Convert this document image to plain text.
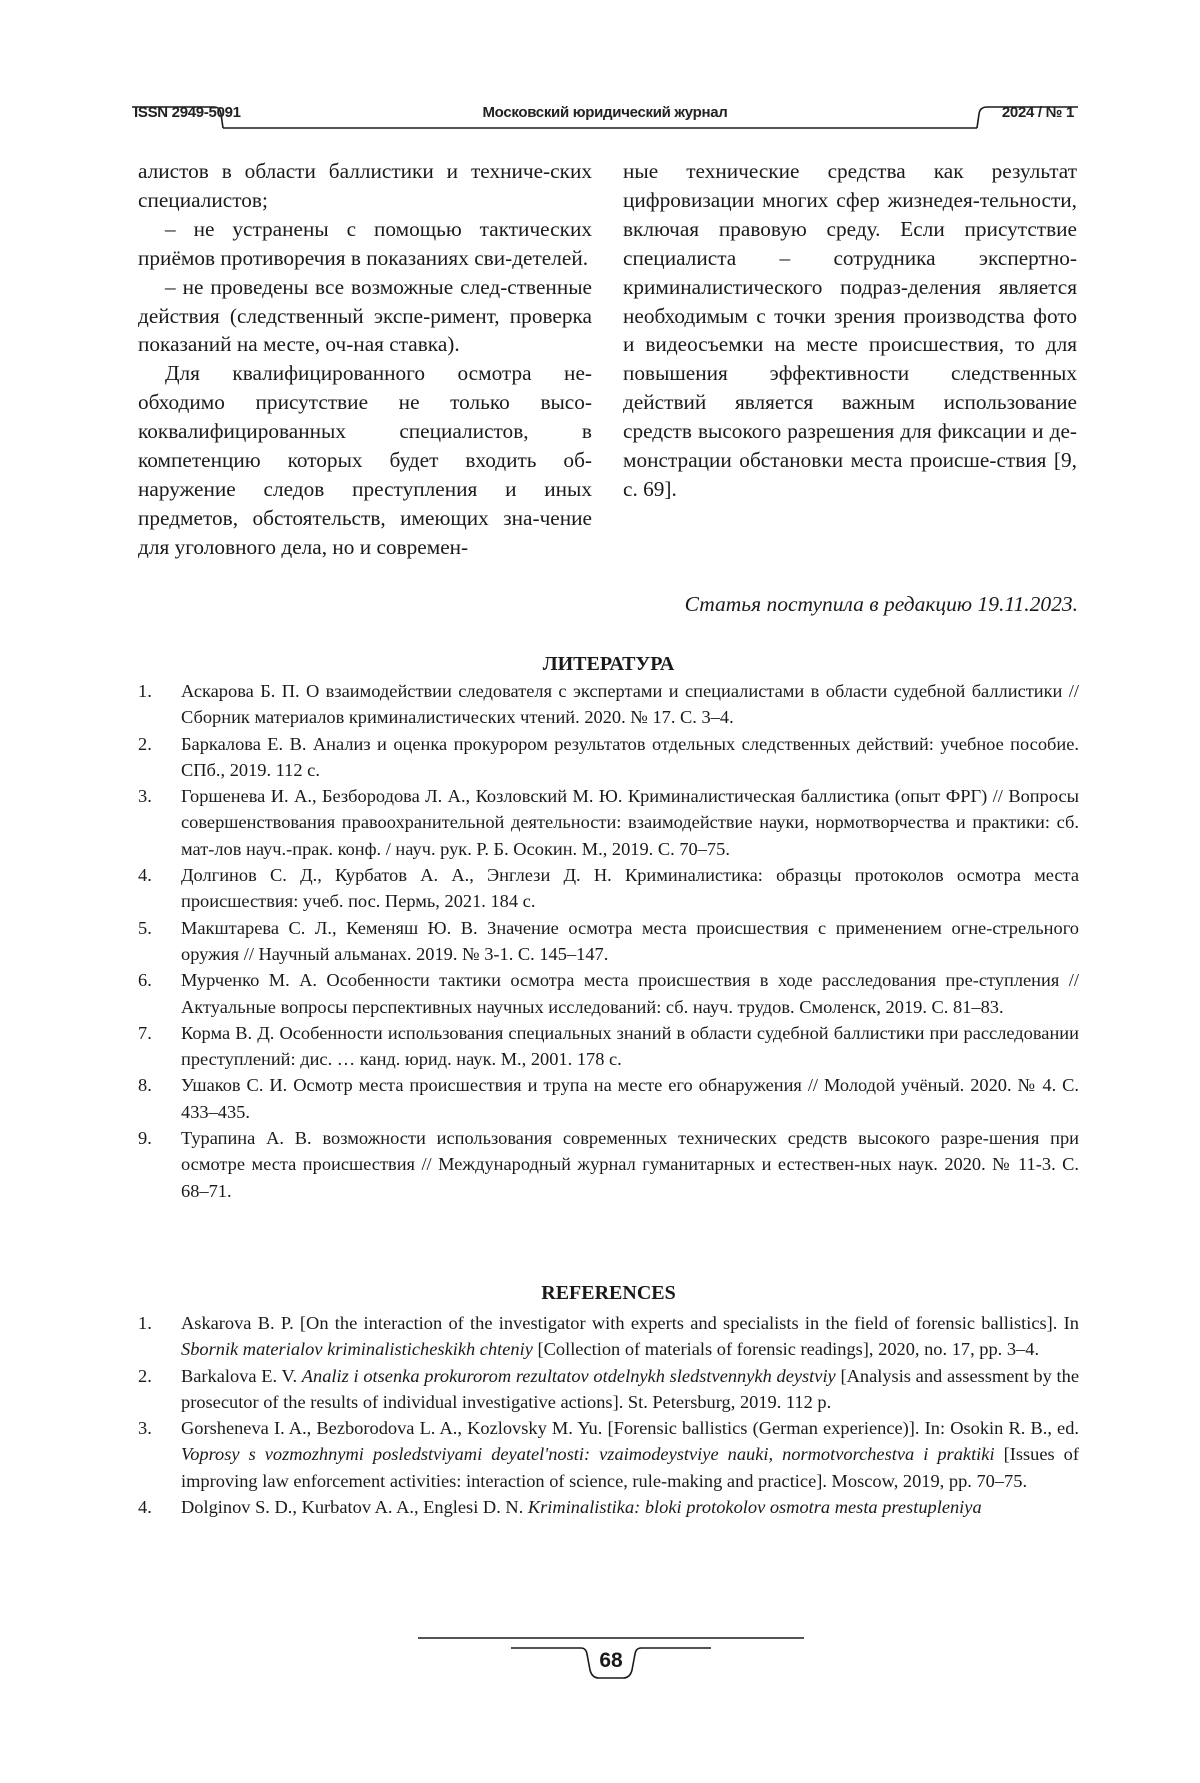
ISSN 2949-5091	Московский юридический журнал	2024 / № 1

алистов в области баллистики и техниче-ских специалистов;

– не устранены с помощью тактических приёмов противоречия в показаниях сви-детелей.

– не проведены все возможные след-ственные действия (следственный экспе-римент, проверка показаний на месте, оч-ная ставка).

Для квалифицированного осмотра не-обходимо присутствие не только высо-коквалифицированных специалистов, в компетенцию которых будет входить об-наружение следов преступления и иных предметов, обстоятельств, имеющих зна-чение для уголовного дела, но и современ-

ные технические средства как результат цифровизации многих сфер жизнедея-тельности, включая правовую среду. Если присутствие специалиста – сотрудника экспертно-криминалистического подраз-деления является необходимым с точки зрения производства фото и видеосъемки на месте происшествия, то для повышения эффективности следственных действий является важным использование средств высокого разрешения для фиксации и де-монстрации обстановки места происше-ствия [9, с. 69].

Статья поступила в редакцию 19.11.2023.
ЛИТЕРАТУРА
1.	Аскарова Б. П. О взаимодействии следователя с экспертами и специалистами в области судебной баллистики // Сборник материалов криминалистических чтений. 2020. № 17. С. 3–4.
2.	Баркалова Е. В. Анализ и оценка прокурором результатов отдельных следственных действий: учебное пособие. СПб., 2019. 112 с.
3.	Горшенева И. А., Безбородова Л. А., Козловский М. Ю. Криминалистическая баллистика (опыт ФРГ) // Вопросы совершенствования правоохранительной деятельности: взаимодействие науки, нормотворчества и практики: сб. мат-лов науч.-прак. конф. / науч. рук. Р. Б. Осокин. М., 2019. С. 70–75.
4.	Долгинов С. Д., Курбатов А. А., Энглези Д. Н. Криминалистика: образцы протоколов осмотра места происшествия: учеб. пос. Пермь, 2021. 184 с.
5.	Макштарева С. Л., Кеменяш Ю. В. Значение осмотра места происшествия с применением огне-стрельного оружия // Научный альманах. 2019. № 3-1. С. 145–147.
6.	Мурченко М. А. Особенности тактики осмотра места происшествия в ходе расследования пре-ступления // Актуальные вопросы перспективных научных исследований: сб. науч. трудов. Смоленск, 2019. С. 81–83.
7.	Корма В. Д. Особенности использования специальных знаний в области судебной баллистики при расследовании преступлений: дис. … канд. юрид. наук. М., 2001. 178 с.
8.	Ушаков С. И. Осмотр места происшествия и трупа на месте его обнаружения // Молодой учёный. 2020. № 4. С. 433–435.
9.	Турапина А. В. возможности использования современных технических средств высокого разре-шения при осмотре места происшествия // Международный журнал гуманитарных и естествен-ных наук. 2020. № 11-3. С. 68–71.
REFERENCES
1.	Askarova B. P. [On the interaction of the investigator with experts and specialists in the field of forensic ballistics]. In Sbornik materialov kriminalisticheskikh chteniy [Collection of materials of forensic readings], 2020, no. 17, pp. 3–4.
2.	Barkalova E. V. Analiz i otsenka prokurorom rezultatov otdelnykh sledstvennykh deystviy [Analysis and assessment by the prosecutor of the results of individual investigative actions]. St. Petersburg, 2019. 112 p.
3.	Gorsheneva I. A., Bezborodova L. A., Kozlovsky M. Yu. [Forensic ballistics (German experience)]. In: Osokin R. B., ed. Voprosy s vozmozhnymi posledstviyami deyatel'nosti: vzaimodeystviye nauki, normotvorchestva i praktiki [Issues of improving law enforcement activities: interaction of science, rule-making and practice]. Moscow, 2019, pp. 70–75.
4.	Dolginov S. D., Kurbatov A. A., Englesi D. N. Kriminalistika: bloki protokolov osmotra mesta prestupleniya
68
